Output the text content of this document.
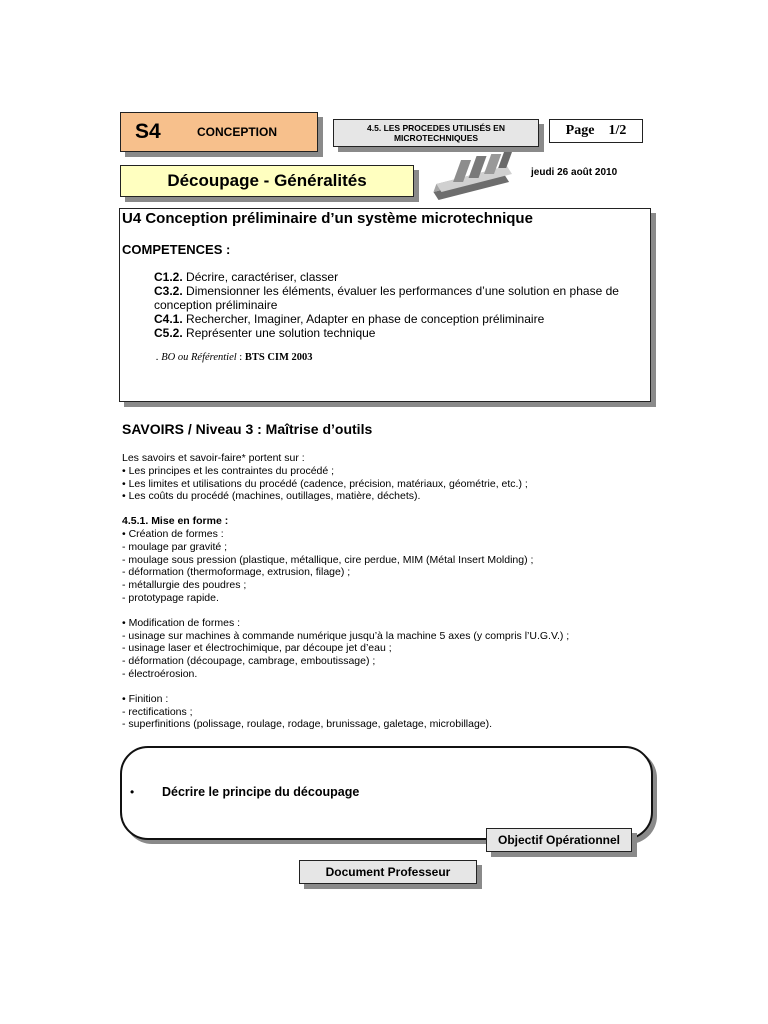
S4	CONCEPTION	4.5. LES PROCEDES UTILISÉS EN
MICROTECHNIQUES	Page 1/2
Découpage - Généralités	jeudi 26 août 2010
U4 Conception préliminaire d’un système microtechnique
COMPETENCES :

C1.2. Décrire, caractériser, classer

C3.2. Dimensionner les éléments, évaluer les performances d’une solution en phase de conception préliminaire

C4.1. Rechercher, Imaginer, Adapter en phase de conception préliminaire

C5.2. Représenter une solution technique

. BO ou Référentiel : BTS CIM 2003
SAVOIRS / Niveau 3 : Maîtrise d’outils
Les savoirs et savoir-faire* portent sur :
• Les principes et les contraintes du procédé ;
• Les limites et utilisations du procédé (cadence, précision, matériaux, géométrie, etc.) ;
• Les coûts du procédé (machines, outillages, matière, déchets).
4.5.1. Mise en forme :
• Création de formes :
- moulage par gravité ;
- moulage sous pression (plastique, métallique, cire perdue, MIM (Métal Insert Molding) ;
- déformation (thermoformage, extrusion, filage) ;
- métallurgie des poudres ;
- prototypage rapide.
• Modification de formes :
- usinage sur machines à commande numérique jusqu’à la machine 5 axes (y compris l’U.G.V.) ;
- usinage laser et électrochimique, par découpe jet d’eau ;
- déformation (découpage, cambrage, emboutissage) ;
- électroérosion.
• Finition :
- rectifications ;
- superfinitions (polissage, roulage, rodage, brunissage, galetage, microbillage).
• Décrire le principe du découpage
Objectif Opérationnel
Document Professeur
